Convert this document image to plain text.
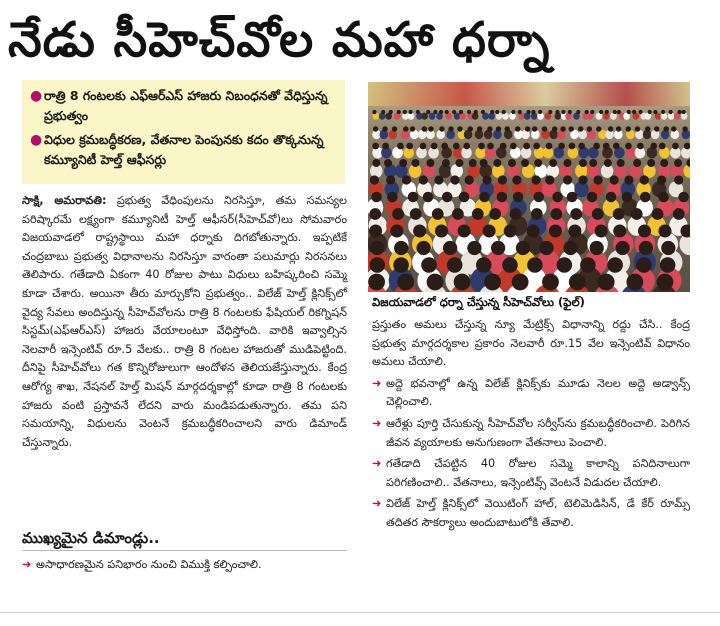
నేడు సీహెచ్‌వోల మహా ధర్నా
● రాత్రి 8 గంటలకు ఎఫ్‌ఆర్‌ఎస్ హాజరు నిబంధనతో వేధిస్తున్న ప్రభుత్వం
● విధుల క్రమబద్ధీకరణ, వేతనాల పెంపునకు కదం తొక్కనున్న కమ్యూనిటీ హెల్త్ ఆఫీసర్లు
విజయవాడలో ధర్నా చేస్తున్న సీహెచ్‌వోలు (ఫైల్)
సాక్షి, అమరావతి: ప్రభుత్వ వేధింపులను నిరసిస్తూ, తమ సమస్యల పరిష్కారమే లక్ష్యంగా కమ్యూనిటీ హెల్త్ ఆఫీసర్(సీహెచ్‌వో)లు సోమవారం విజయవాడలో రాష్ట్రస్థాయి మహా ధర్నాకు దిగబోతున్నారు. ఇప్పటికే చంద్రబాబు ప్రభుత్వ విధానాలను నిరసిస్తూ వారంతా పలుమార్లు నిరసనలు తెలిపారు. గతేడాది ఏకంగా 40 రోజుల పాటు విధులు బహిష్కరించి సమ్మె కూడా చేశారు. అయినా తీరు మార్చుకోని ప్రభుత్వం.. విలేజ్ హెల్త్ క్లినిక్స్‌లో వైద్య సేవలు అందిస్తున్న సీహెచ్‌వోలను రాత్రి 8 గంటలకు ఫేషియల్ రికగ్నిషన్ సిస్టమ్(ఎఫ్‌ఆర్‌ఎస్) హాజరు వేయాలంటూ వేధిస్తోంది. వారికి ఇవ్వాల్సిన నెలవారీ ఇన్సెంటివ్ రూ.5 వేలకు.. రాత్రి 8 గంటల హాజరుతో ముడిపెట్టింది. దీనిపై సీహెచ్‌వోలు గత కొన్నిరోజులుగా ఆందోళన తెలియజేస్తున్నారు. కేంద్ర ఆరోగ్య శాఖ, నేషనల్ హెల్త్ మిషన్ మార్గదర్శకాల్లో కూడా రాత్రి 8 గంటలకు హాజరు వంటి ప్రస్తావనే లేదని వారు మండిపడుతున్నారు. తమ పని సమయాన్ని, విధులను వెంటనే క్రమబద్ధీకరించాలని వారు డిమాండ్ చేస్తున్నారు.
ముఖ్యమైన డిమాండ్లు..
➜ అసాధారణమైన పనిభారం నుంచి విముక్తి కల్పించాలి.

ప్రస్తుతం అమలు చేస్తున్న న్యూ మేట్రిక్స్ విధానాన్ని రద్దు చేసి.. కేంద్ర ప్రభుత్వ మార్గదర్శకాల ప్రకారం నెలవారీ రూ.15 వేల ఇన్సెంటివ్ విధానం అమలు చేయాలి.

➜ అద్దె భవనాల్లో ఉన్న విలేజ్ క్లినిక్స్‌కు మూడు నెలల అద్దె అడ్వాన్స్ చెల్లించాలి.
➜ ఆరేళ్లు పూర్తి చేసుకున్న సీహెచ్‌వోల సర్వీస్‌ను క్రమబద్ధీకరించాలి. పెరిగిన జీవన వ్యయాలకు అనుగుణంగా వేతనాలు పెంచాలి.
➜ గతేడాది చేపట్టిన 40 రోజుల సమ్మె కాలాన్ని పనిదినాలుగా పరిగణించాలి.. వేతనాలు, ఇన్సెంటివ్స్ వెంటనే విడుదల చేయాలి.
➜ విలేజ్ హెల్త్ క్లినిక్స్‌లో వెయిటింగ్ హాల్, టెలిమెడిసిన్, డే కేర్ రూమ్స్ తదితర సౌకర్యాలు అందుబాటులోకి తేవాలి.
